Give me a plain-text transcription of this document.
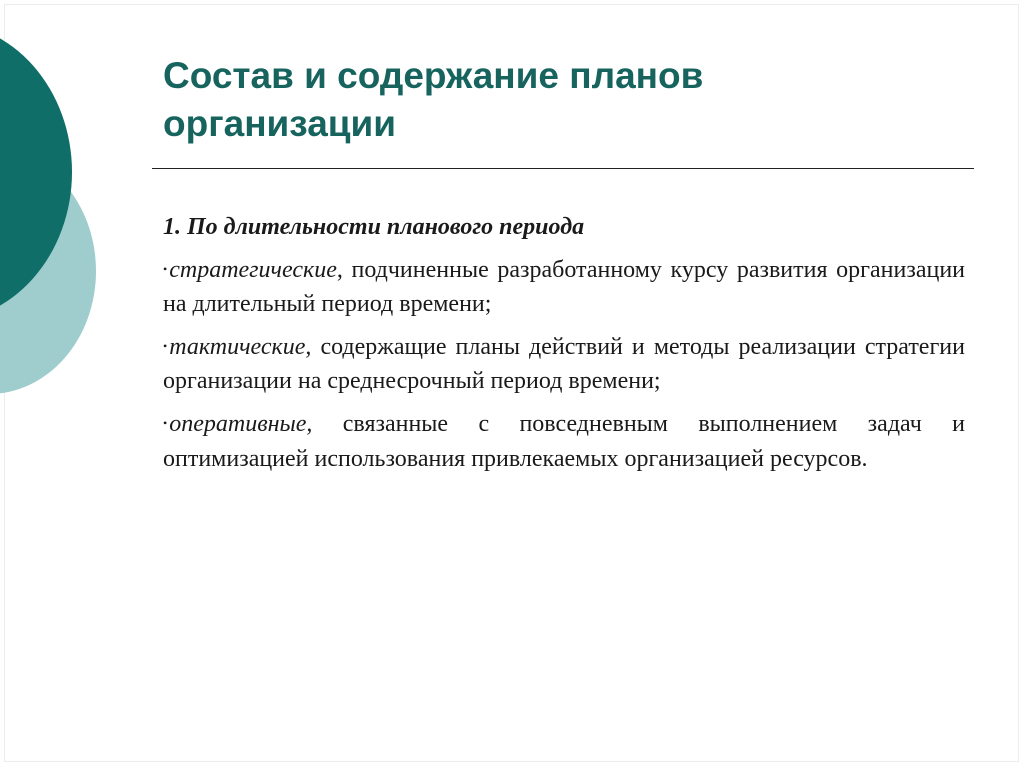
Состав и содержание планов
организации

1. По длительности планового периода

•стратегические, подчиненные разработанному курсу развития организации на длительный период времени;

•тактические, содержащие планы действий и методы реализации стратегии организации на среднесрочный период времени;

•оперативные, связанные с повседневным выполнением задач и оптимизацией использования привлекаемых организацией ресурсов.
